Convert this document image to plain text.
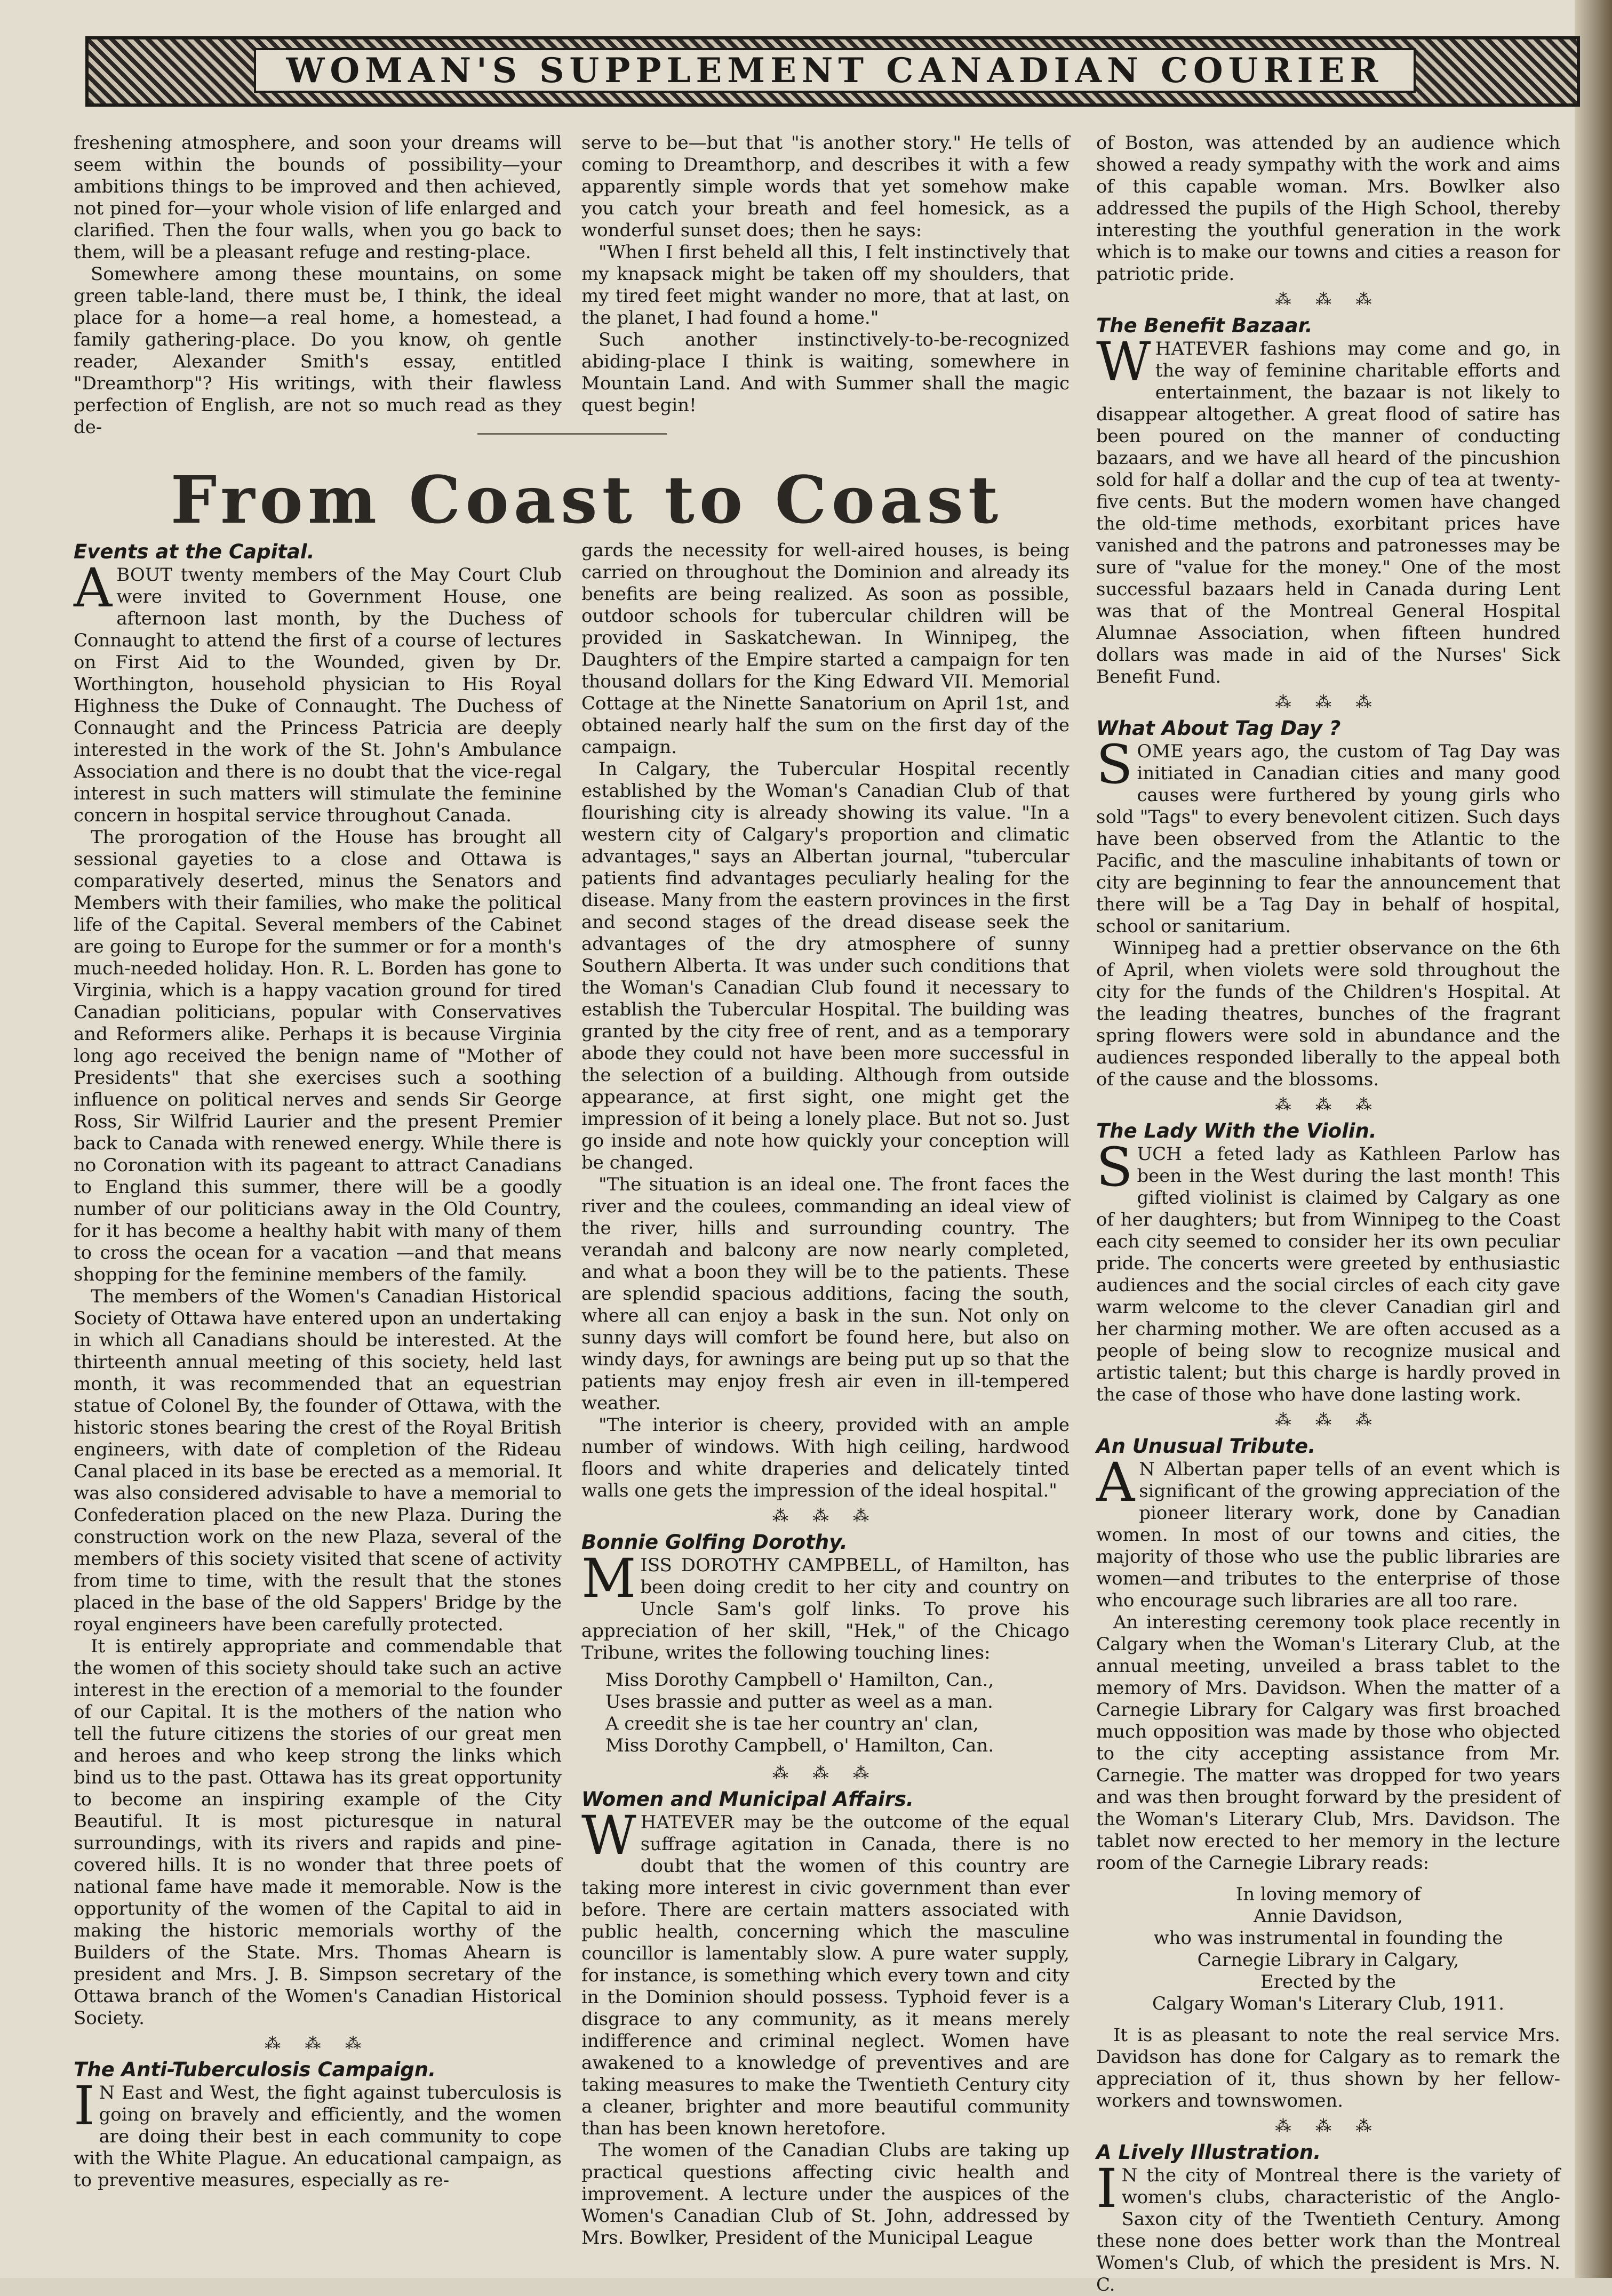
WOMAN'S SUPPLEMENT CANADIAN COURIER

freshening atmosphere, and soon your dreams will seem within the bounds of possibility—your ambitions things to be improved and then achieved, not pined for—your whole vision of life enlarged and clarified. Then the four walls, when you go back to them, will be a pleasant refuge and resting-place.

Somewhere among these mountains, on some green table-land, there must be, I think, the ideal place for a home—a real home, a homestead, a family gathering-place. Do you know, oh gentle reader, Alexander Smith's essay, entitled "Dreamthorp"? His writings, with their flawless perfection of English, are not so much read as they de-

serve to be—but that "is another story." He tells of coming to Dreamthorp, and describes it with a few apparently simple words that yet somehow make you catch your breath and feel homesick, as a wonderful sunset does; then he says:

"When I first beheld all this, I felt instinctively that my knapsack might be taken off my shoulders, that my tired feet might wander no more, that at last, on the planet, I had found a home."

Such another instinctively-to-be-recognized abiding-place I think is waiting, somewhere in Mountain Land. And with Summer shall the magic quest begin!

From Coast to Coast
Events at the Capital.

ABOUT twenty members of the May Court Club were invited to Government House, one afternoon last month, by the Duchess of Connaught to attend the first of a course of lectures on First Aid to the Wounded, given by Dr. Worthington, household physician to His Royal Highness the Duke of Connaught. The Duchess of Connaught and the Princess Patricia are deeply interested in the work of the St. John's Ambulance Association and there is no doubt that the vice-regal interest in such matters will stimulate the feminine concern in hospital service throughout Canada.

The prorogation of the House has brought all sessional gayeties to a close and Ottawa is comparatively deserted, minus the Senators and Members with their families, who make the political life of the Capital. Several members of the Cabinet are going to Europe for the summer or for a month's much-needed holiday. Hon. R. L. Borden has gone to Virginia, which is a happy vacation ground for tired Canadian politicians, popular with Conservatives and Reformers alike. Perhaps it is because Virginia long ago received the benign name of "Mother of Presidents" that she exercises such a soothing influence on political nerves and sends Sir George Ross, Sir Wilfrid Laurier and the present Premier back to Canada with renewed energy. While there is no Coronation with its pageant to attract Canadians to England this summer, there will be a goodly number of our politicians away in the Old Country, for it has become a healthy habit with many of them to cross the ocean for a vacation —and that means shopping for the feminine members of the family.

The members of the Women's Canadian Historical Society of Ottawa have entered upon an undertaking in which all Canadians should be interested. At the thirteenth annual meeting of this society, held last month, it was recommended that an equestrian statue of Colonel By, the founder of Ottawa, with the historic stones bearing the crest of the Royal British engineers, with date of completion of the Rideau Canal placed in its base be erected as a memorial. It was also considered advisable to have a memorial to Confederation placed on the new Plaza. During the construction work on the new Plaza, several of the members of this society visited that scene of activity from time to time, with the result that the stones placed in the base of the old Sappers' Bridge by the royal engineers have been carefully protected.

It is entirely appropriate and commendable that the women of this society should take such an active interest in the erection of a memorial to the founder of our Capital. It is the mothers of the nation who tell the future citizens the stories of our great men and heroes and who keep strong the links which bind us to the past. Ottawa has its great opportunity to become an inspiring example of the City Beautiful. It is most picturesque in natural surroundings, with its rivers and rapids and pine-covered hills. It is no wonder that three poets of national fame have made it memorable. Now is the opportunity of the women of the Capital to aid in making the historic memorials worthy of the Builders of the State. Mrs. Thomas Ahearn is president and Mrs. J. B. Simpson secretary of the Ottawa branch of the Women's Canadian Historical Society.

⁂ ⁂ ⁂
The Anti-Tuberculosis Campaign.

I N East and West, the fight against tuberculosis is going on bravely and efficiently, and the women are doing their best in each community to cope with the White Plague. An educational campaign, as to preventive measures, especially as re-

gards the necessity for well-aired houses, is being carried on throughout the Dominion and already its benefits are being realized. As soon as possible, outdoor schools for tubercular children will be provided in Saskatchewan. In Winnipeg, the Daughters of the Empire started a campaign for ten thousand dollars for the King Edward VII. Memorial Cottage at the Ninette Sanatorium on April 1st, and obtained nearly half the sum on the first day of the campaign.

In Calgary, the Tubercular Hospital recently established by the Woman's Canadian Club of that flourishing city is already showing its value. "In a western city of Calgary's proportion and climatic advantages," says an Albertan journal, "tubercular patients find advantages peculiarly healing for the disease. Many from the eastern provinces in the first and second stages of the dread disease seek the advantages of the dry atmosphere of sunny Southern Alberta. It was under such conditions that the Woman's Canadian Club found it necessary to establish the Tubercular Hospital. The building was granted by the city free of rent, and as a temporary abode they could not have been more successful in the selection of a building. Although from outside appearance, at first sight, one might get the impression of it being a lonely place. But not so. Just go inside and note how quickly your conception will be changed.

"The situation is an ideal one. The front faces the river and the coulees, commanding an ideal view of the river, hills and surrounding country. The verandah and balcony are now nearly completed, and what a boon they will be to the patients. These are splendid spacious additions, facing the south, where all can enjoy a bask in the sun. Not only on sunny days will comfort be found here, but also on windy days, for awnings are being put up so that the patients may enjoy fresh air even in ill-tempered weather.

"The interior is cheery, provided with an ample number of windows. With high ceiling, hardwood floors and white draperies and delicately tinted walls one gets the impression of the ideal hospital."

⁂ ⁂ ⁂
Bonnie Golfing Dorothy.

MISS DOROTHY CAMPBELL, of Hamilton, has been doing credit to her city and country on Uncle Sam's golf links. To prove his appreciation of her skill, "Hek," of the Chicago Tribune, writes the following touching lines:

Miss Dorothy Campbell o' Hamilton, Can.,
Uses brassie and putter as weel as a man.
A creedit she is tae her country an' clan,
Miss Dorothy Campbell, o' Hamilton, Can.
⁂ ⁂ ⁂
Women and Municipal Affairs.

WHATEVER may be the outcome of the equal suffrage agitation in Canada, there is no doubt that the women of this country are taking more interest in civic government than ever before. There are certain matters associated with public health, concerning which the masculine councillor is lamentably slow. A pure water supply, for instance, is something which every town and city in the Dominion should possess. Typhoid fever is a disgrace to any community, as it means merely indifference and criminal neglect. Women have awakened to a knowledge of preventives and are taking measures to make the Twentieth Century city a cleaner, brighter and more beautiful community than has been known heretofore.

The women of the Canadian Clubs are taking up practical questions affecting civic health and improvement. A lecture under the auspices of the Women's Canadian Club of St. John, addressed by Mrs. Bowlker, President of the Municipal League

of Boston, was attended by an audience which showed a ready sympathy with the work and aims of this capable woman. Mrs. Bowlker also addressed the pupils of the High School, thereby interesting the youthful generation in the work which is to make our towns and cities a reason for patriotic pride.

⁂ ⁂ ⁂
The Benefit Bazaar.

WHATEVER fashions may come and go, in the way of feminine charitable efforts and entertainment, the bazaar is not likely to disappear altogether. A great flood of satire has been poured on the manner of conducting bazaars, and we have all heard of the pincushion sold for half a dollar and the cup of tea at twenty-five cents. But the modern women have changed the old-time methods, exorbitant prices have vanished and the patrons and patronesses may be sure of "value for the money." One of the most successful bazaars held in Canada during Lent was that of the Montreal General Hospital Alumnae Association, when fifteen hundred dollars was made in aid of the Nurses' Sick Benefit Fund.

⁂ ⁂ ⁂
What About Tag Day ?

SOME years ago, the custom of Tag Day was initiated in Canadian cities and many good causes were furthered by young girls who sold "Tags" to every benevolent citizen. Such days have been observed from the Atlantic to the Pacific, and the masculine inhabitants of town or city are beginning to fear the announcement that there will be a Tag Day in behalf of hospital, school or sanitarium.

Winnipeg had a prettier observance on the 6th of April, when violets were sold throughout the city for the funds of the Children's Hospital. At the leading theatres, bunches of the fragrant spring flowers were sold in abundance and the audiences responded liberally to the appeal both of the cause and the blossoms.

⁂ ⁂ ⁂
The Lady With the Violin.

SUCH a feted lady as Kathleen Parlow has been in the West during the last month! This gifted violinist is claimed by Calgary as one of her daughters; but from Winnipeg to the Coast each city seemed to consider her its own peculiar pride. The concerts were greeted by enthusiastic audiences and the social circles of each city gave warm welcome to the clever Canadian girl and her charming mother. We are often accused as a people of being slow to recognize musical and artistic talent; but this charge is hardly proved in the case of those who have done lasting work.

⁂ ⁂ ⁂
An Unusual Tribute.

A N Albertan paper tells of an event which is significant of the growing appreciation of the pioneer literary work, done by Canadian women. In most of our towns and cities, the majority of those who use the public libraries are women—and tributes to the enterprise of those who encourage such libraries are all too rare.

An interesting ceremony took place recently in Calgary when the Woman's Literary Club, at the annual meeting, unveiled a brass tablet to the memory of Mrs. Davidson. When the matter of a Carnegie Library for Calgary was first broached much opposition was made by those who objected to the city accepting assistance from Mr. Carnegie. The matter was dropped for two years and was then brought forward by the president of the Woman's Literary Club, Mrs. Davidson. The tablet now erected to her memory in the lecture room of the Carnegie Library reads:

In loving memory of
Annie Davidson,
who was instrumental in founding the
Carnegie Library in Calgary,
Erected by the
Calgary Woman's Literary Club, 1911.

It is as pleasant to note the real service Mrs. Davidson has done for Calgary as to remark the appreciation of it, thus shown by her fellow-workers and townswomen.

⁂ ⁂ ⁂
A Lively Illustration.

I N the city of Montreal there is the variety of women's clubs, characteristic of the Anglo-Saxon city of the Twentieth Century. Among these none does better work than the Montreal Women's Club, of which the president is Mrs. N. C.
